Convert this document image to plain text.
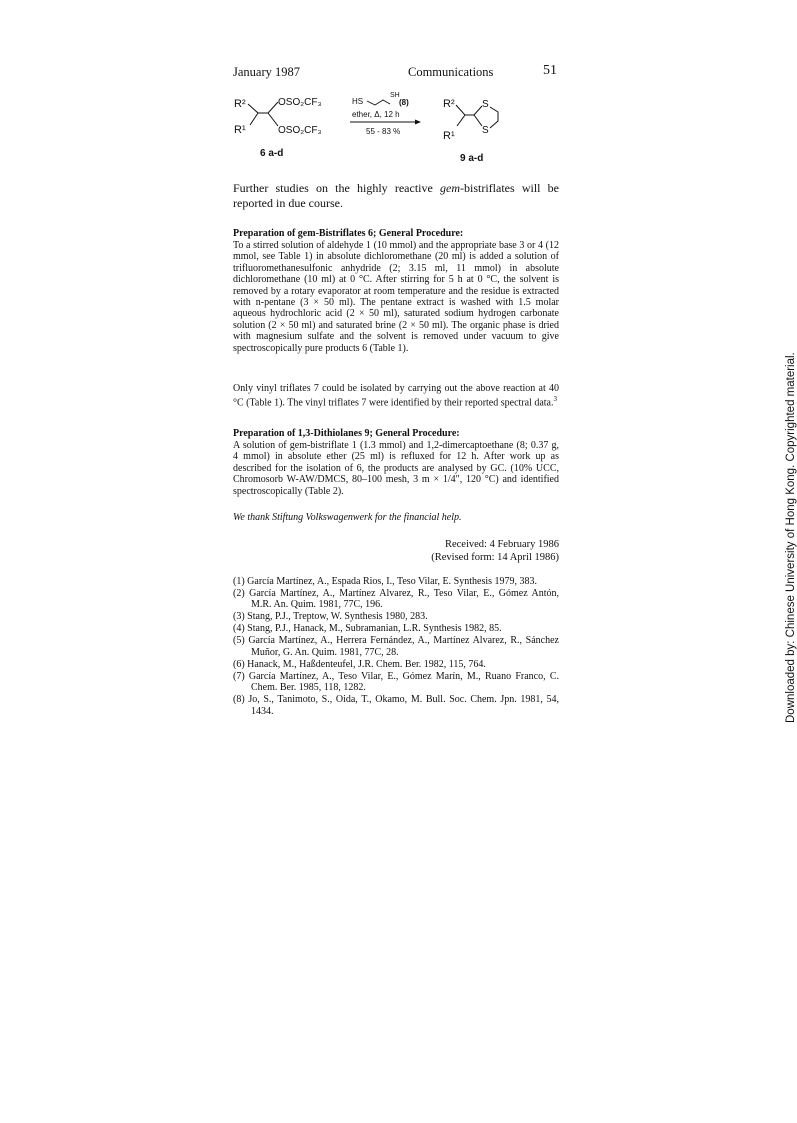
January 1987	Communications	51
R²
R¹
OSO₂CF₃
OSO₂CF₃
6 a-d
HS
SH
(8)
ether, Δ, 12 h
55 - 83 %
R²
R¹
S
S
9 a-d

Further studies on the highly reactive gem-bistriflates will be reported in due course.

Preparation of gem-Bistriflates 6; General Procedure:

To a stirred solution of aldehyde 1 (10 mmol) and the appropriate base 3 or 4 (12 mmol, see Table 1) in absolute dichloromethane (20 ml) is added a solution of trifluoromethanesulfonic anhydride (2; 3.15 ml, 11 mmol) in absolute dichloromethane (10 ml) at 0 °C. After stirring for 5 h at 0 °C, the solvent is removed by a rotary evaporator at room temperature and the residue is extracted with n-pentane (3 × 50 ml). The pentane extract is washed with 1.5 molar aqueous hydrochloric acid (2 × 50 ml), saturated sodium hydrogen carbonate solution (2 × 50 ml) and saturated brine (2 × 50 ml). The organic phase is dried with magnesium sulfate and the solvent is removed under vacuum to give spectroscopically pure products 6 (Table 1).

Only vinyl triflates 7 could be isolated by carrying out the above reaction at 40 °C (Table 1). The vinyl triflates 7 were identified by their reported spectral data.$^3$

Preparation of 1,3-Dithiolanes 9; General Procedure:

A solution of gem-bistriflate 1 (1.3 mmol) and 1,2-dimercaptoethane (8; 0.37 g, 4 mmol) in absolute ether (25 ml) is refluxed for 12 h. After work up as described for the isolation of 6, the products are analysed by GC. (10% UCC, Chromosorb W-AW/DMCS, 80–100 mesh, 3 m × 1/4", 120 °C) and identified spectroscopically (Table 2).

We thank Stiftung Volkswagenwerk for the financial help.

Received: 4 February 1986
(Revised form: 14 April 1986)
(1) García Martínez, A., Espada Rios, I., Teso Vilar, E. Synthesis 1979, 383.
(2) García Martínez, A., Martínez Alvarez, R., Teso Vilar, E., Gómez Antón, M.R. An. Quim. 1981, 77C, 196.
(3) Stang, P.J., Treptow, W. Synthesis 1980, 283.
(4) Stang, P.J., Hanack, M., Subramanian, L.R. Synthesis 1982, 85.
(5) García Martínez, A., Herrera Fernández, A., Martínez Alvarez, R., Sánchez Muñor, G. An. Quim. 1981, 77C, 28.
(6) Hanack, M., Haßdenteufel, J.R. Chem. Ber. 1982, 115, 764.
(7) García Martínez, A., Teso Vilar, E., Gómez Marín, M., Ruano Franco, C. Chem. Ber. 1985, 118, 1282.
(8) Jo, S., Tanimoto, S., Oida, T., Okamo, M. Bull. Soc. Chem. Jpn. 1981, 54, 1434.	Downloaded by: Chinese University of Hong Kong. Copyrighted material.
